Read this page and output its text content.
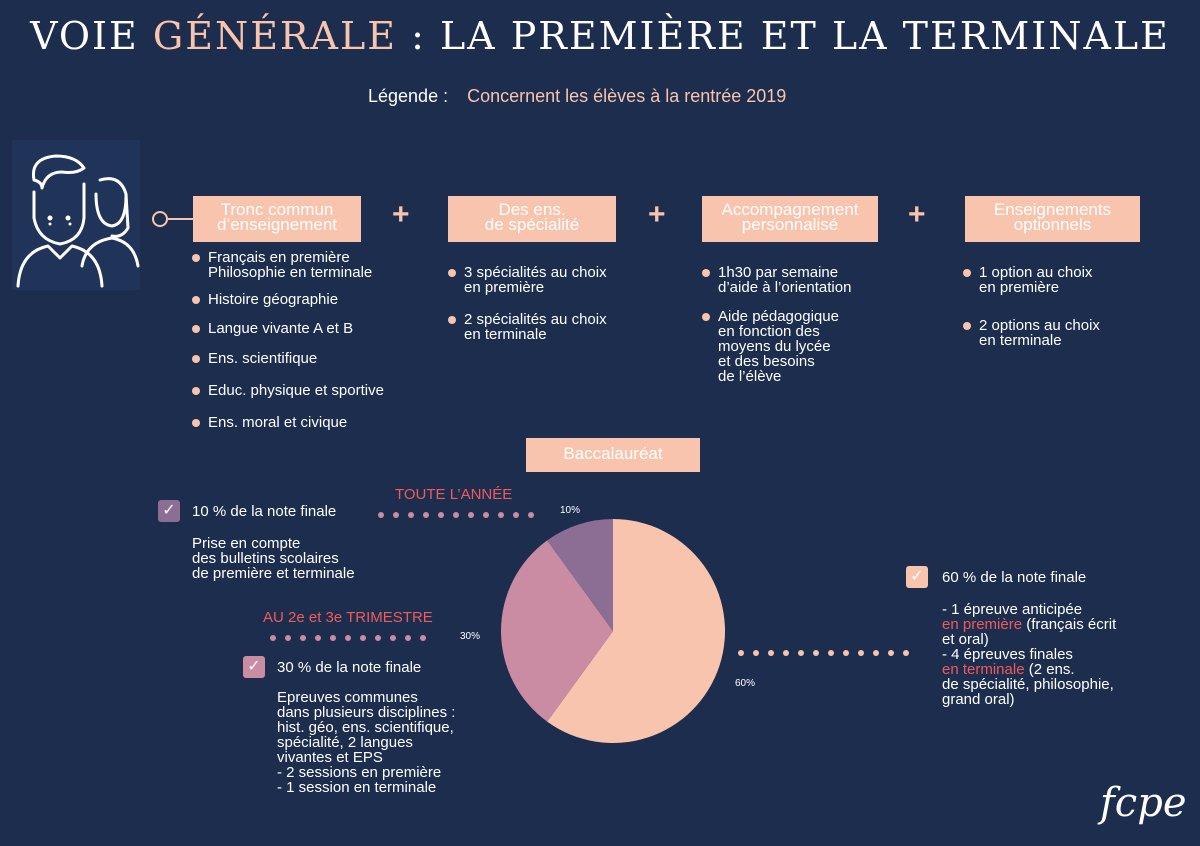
VOIE GÉNÉRALE : LA PREMIÈRE ET LA TERMINALE
Légende : Concernent les élèves à la rentrée 2019
Tronc commun
d’enseignement	+	Des ens.
de spécialité	+	Accompagnement
personnalisé	+	Enseignements
optionnels
Français en première
Philosophie en terminale
Histoire géographie
Langue vivante A et B
Ens. scientifique
Educ. physique et sportive
Ens. moral et civique
3 spécialités au choix
en première
2 spécialités au choix
en terminale
1h30 par semaine
d’aide à l’orientation
Aide pédagogique
en fonction des
moyens du lycée
et des besoins
de l’élève
1 option au choix
en première
2 options au choix
en terminale
Baccalauréat
TOUTE L’ANNÉE
10%
✓ 10 % de la note finale
Prise en compte
des bulletins scolaires
de première et terminale
AU 2e et 3e TRIMESTRE
30%
✓ 30 % de la note finale
Epreuves communes
dans plusieurs disciplines :
hist. géo, ens. scientifique,
spécialité, 2 langues
vivantes et EPS
- 2 sessions en première
- 1 session en terminale
60%
✓ 60 % de la note finale
- 1 épreuve anticipée
en première (français écrit
et oral)
- 4 épreuves finales
en terminale (2 ens.
de spécialité, philosophie,
grand oral)
fcpe
